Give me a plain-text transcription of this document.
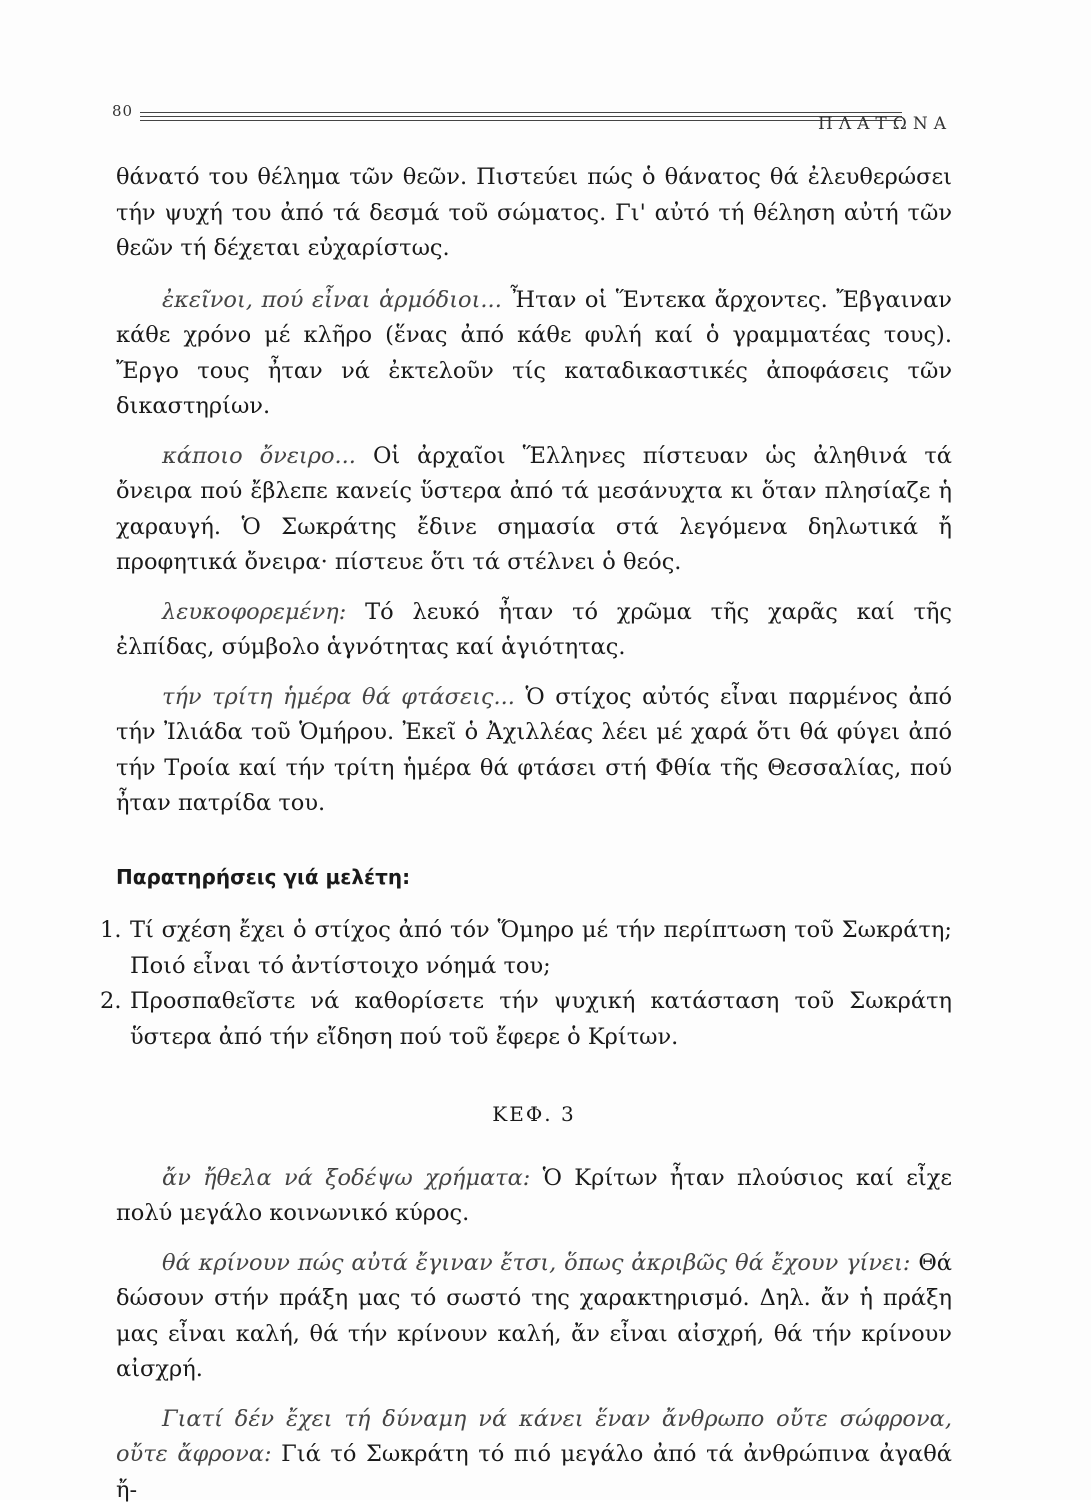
80
ΠΛΑΤΩΝΑ

θάνατό του θέλημα τῶν θεῶν. Πιστεύει πώς ὁ θάνατος θά ἐλευθερώσει τήν ψυχή του ἀπό τά δεσμά τοῦ σώματος. Γι' αὐτό τή θέληση αὐτή τῶν θεῶν τή δέχεται εὐχαρίστως.

ἐκεῖνοι, πού εἶναι ἁρμόδιοι... Ἦταν οἱ Ἕντεκα ἄρχοντες. Ἔβγαιναν κάθε χρόνο μέ κλῆρο (ἕνας ἀπό κάθε φυλή καί ὁ γραμματέας τους). Ἔργο τους ἦταν νά ἐκτελοῦν τίς καταδικαστικές ἀποφάσεις τῶν δικαστηρίων.

κάποιο ὄνειρο... Οἱ ἀρχαῖοι Ἕλληνες πίστευαν ὡς ἀληθινά τά ὄνειρα πού ἔβλεπε κανείς ὕστερα ἀπό τά μεσάνυχτα κι ὅταν πλησίαζε ἡ χαραυγή. Ὁ Σωκράτης ἔδινε σημασία στά λεγόμενα δηλωτικά ἤ προφητικά ὄνειρα· πίστευε ὅτι τά στέλνει ὁ θεός.

λευκοφορεμένη: Τό λευκό ἦταν τό χρῶμα τῆς χαρᾶς καί τῆς ἐλπίδας, σύμβολο ἁγνότητας καί ἁγιότητας.

τήν τρίτη ἡμέρα θά φτάσεις... Ὁ στίχος αὐτός εἶναι παρμένος ἀπό τήν Ἰλιάδα τοῦ Ὁμήρου. Ἐκεῖ ὁ Ἀχιλλέας λέει μέ χαρά ὅτι θά φύγει ἀπό τήν Τροία καί τήν τρίτη ἡμέρα θά φτάσει στή Φθία τῆς Θεσσαλίας, πού ἦταν πατρίδα του.

Παρατηρήσεις γιά μελέτη:

1. Τί σχέση ἔχει ὁ στίχος ἀπό τόν Ὅμηρο μέ τήν περίπτωση τοῦ Σωκράτη; Ποιό εἶναι τό ἀντίστοιχο νόημά του;
2. Προσπαθεῖστε νά καθορίσετε τήν ψυχική κατάσταση τοῦ Σωκράτη ὕστερα ἀπό τήν εἴδηση πού τοῦ ἔφερε ὁ Κρίτων.

ΚΕΦ. 3

ἄν ἤθελα νά ξοδέψω χρήματα: Ὁ Κρίτων ἦταν πλούσιος καί εἶχε πολύ μεγάλο κοινωνικό κύρος.

θά κρίνουν πώς αὐτά ἔγιναν ἔτσι, ὅπως ἀκριβῶς θά ἔχουν γίνει: Θά δώσουν στήν πράξη μας τό σωστό της χαρακτηρισμό. Δηλ. ἄν ἡ πράξη μας εἶναι καλή, θά τήν κρίνουν καλή, ἄν εἶναι αἰσχρή, θά τήν κρίνουν αἰσχρή.

Γιατί δέν ἔχει τή δύναμη νά κάνει ἕναν ἄνθρωπο οὔτε σώφρονα, οὔτε ἄφρονα: Γιά τό Σωκράτη τό πιό μεγάλο ἀπό τά ἀνθρώπινα ἀγαθά ἤ-
